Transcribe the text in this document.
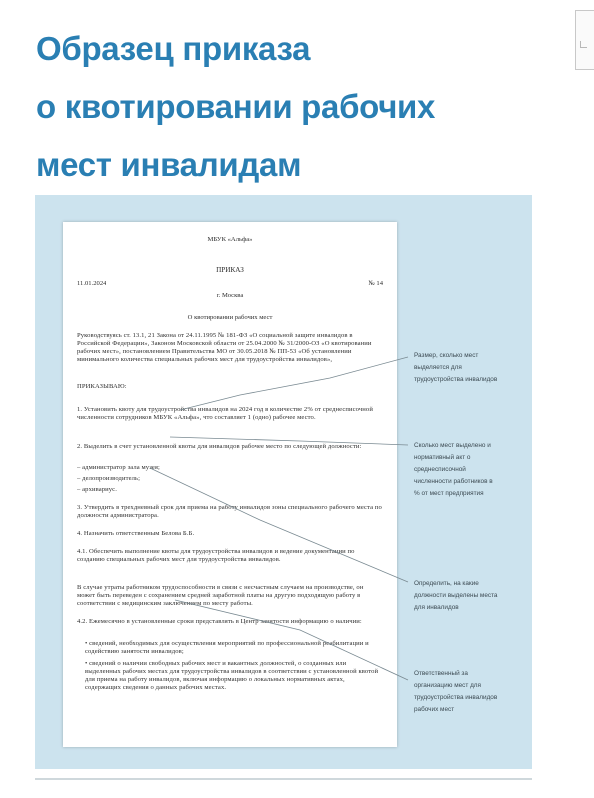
Образец приказа
о квотировании рабочих
мест инвалидам
МБУК «Альфа»
ПРИКАЗ
11.01.2024	№ 14
г. Москва
О квотировании рабочих мест
Руководствуясь ст. 13.1, 21 Закона от 24.11.1995 № 181-ФЗ «О социальной защите инвалидов в Российской Федерации», Законом Московской области от 25.04.2000 № 31/2000-ОЗ «О квотировании рабочих мест», постановлением Правительства МО от 30.05.2018 № ПП-53 «Об установлении минимального количества специальных рабочих мест для трудоустройства инвалидов»,
ПРИКАЗЫВАЮ:
1. Установить квоту для трудоустройства инвалидов на 2024 год в количестве 2% от среднесписочной численности сотрудников МБУК «Альфа», что составляет 1 (одно) рабочее место.
2. Выделить в счет установленной квоты для инвалидов рабочее место по следующей должности:
– администратор зала музея;
– делопроизводитель;
– архивариус.
3. Утвердить в трехдневный срок для приема на работу инвалидов зоны специального рабочего места по должности администратора.
4. Назначить ответственным Белова Б.Б.
4.1. Обеспечить выполнение квоты для трудоустройства инвалидов и ведение документации по созданию специальных рабочих мест для трудоустройства инвалидов.
В случае утраты работником трудоспособности в связи с несчастным случаем на производстве, он может быть переведен с сохранением средней заработной платы на другую подходящую работу в соответствии с медицинским заключением по месту работы.
4.2. Ежемесячно в установленные сроки представлять в Центр занятости информацию о наличии:
• сведений, необходимых для осуществления мероприятий по профессиональной реабилитации и содействию занятости инвалидов;
• сведений о наличии свободных рабочих мест и вакантных должностей, о созданных или выделенных рабочих местах для трудоустройства инвалидов в соответствии с установленной квотой для приема на работу инвалидов, включая информацию о локальных нормативных актах, содержащих сведения о данных рабочих местах.
Размер, сколько мест выделяется для трудоустройства инвалидов
Сколько мест выделено и нормативный акт о среднесписочной численности работников в % от мест предприятия
Определить, на какие должности выделены места для инвалидов
Ответственный за организацию мест для трудоустройства инвалидов рабочих мест
